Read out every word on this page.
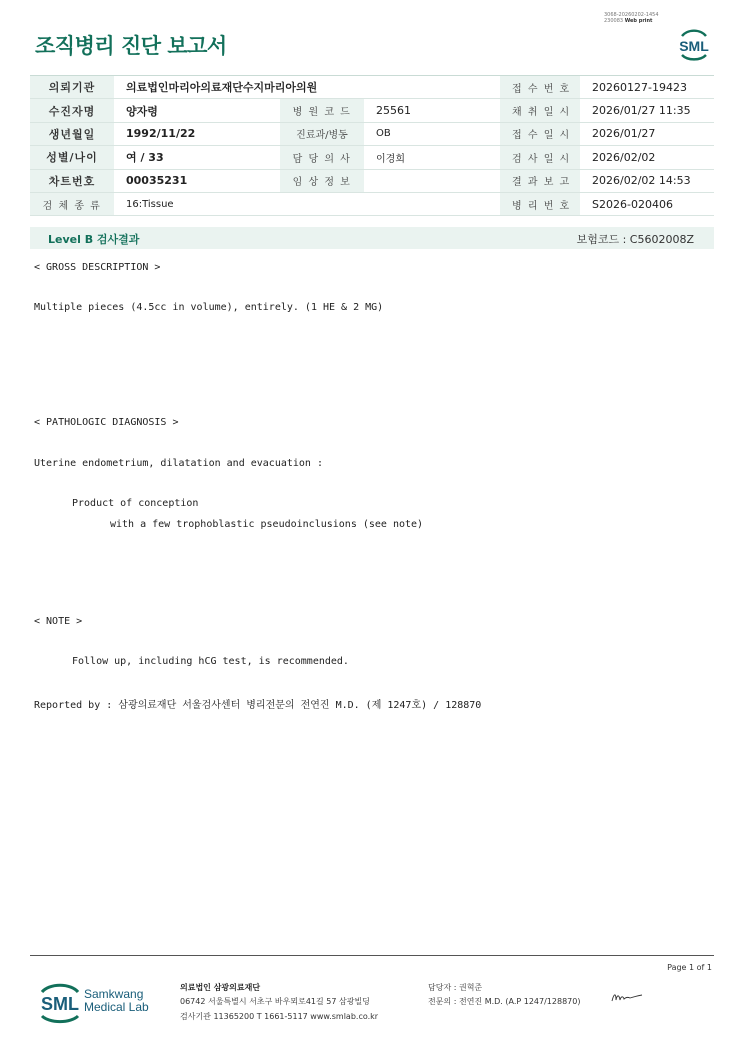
3068-20260202-1454
230083 Web print
조직병리 진단 보고서	SML
의뢰기관	의료법인마리아의료재단수지마리아의원			접 수 번 호	20260127-19423
수진자명	양자령	병 원 코 드	25561	채 취 일 시	2026/01/27 11:35
생년월일	1992/11/22	진료과/병동	OB	접 수 일 시	2026/01/27
성별/나이	여 / 33	담 당 의 사	이경희	검 사 일 시	2026/02/02
차트번호	00035231	임 상 정 보		결 과 보 고	2026/02/02 14:53
검 체 종 류	16:Tissue			병 리 번 호	S2026-020406
Level B 검사결과	보험코드 : C5602008Z
< GROSS DESCRIPTION >
Multiple pieces (4.5cc in volume), entirely. (1 HE & 2 MG)
< PATHOLOGIC DIAGNOSIS >
Uterine endometrium, dilatation and evacuation :
Product of conception
with a few trophoblastic pseudoinclusions (see note)
< NOTE >
Follow up, including hCG test, is recommended.
Reported by : 삼광의료재단 서울검사센터 병리전문의 전연진 M.D. (제 1247호) / 128870
Page 1 of 1
SML Samkwang
Medical Lab
의료법인 삼광의료재단
06742 서울특별시 서초구 바우뫼로41길 57 삼광빌딩
검사기관 11365200 T 1661-5117 www.smlab.co.kr
담당자 : 권혁준
전문의 : 전연진 M.D. (A.P 1247/128870)
